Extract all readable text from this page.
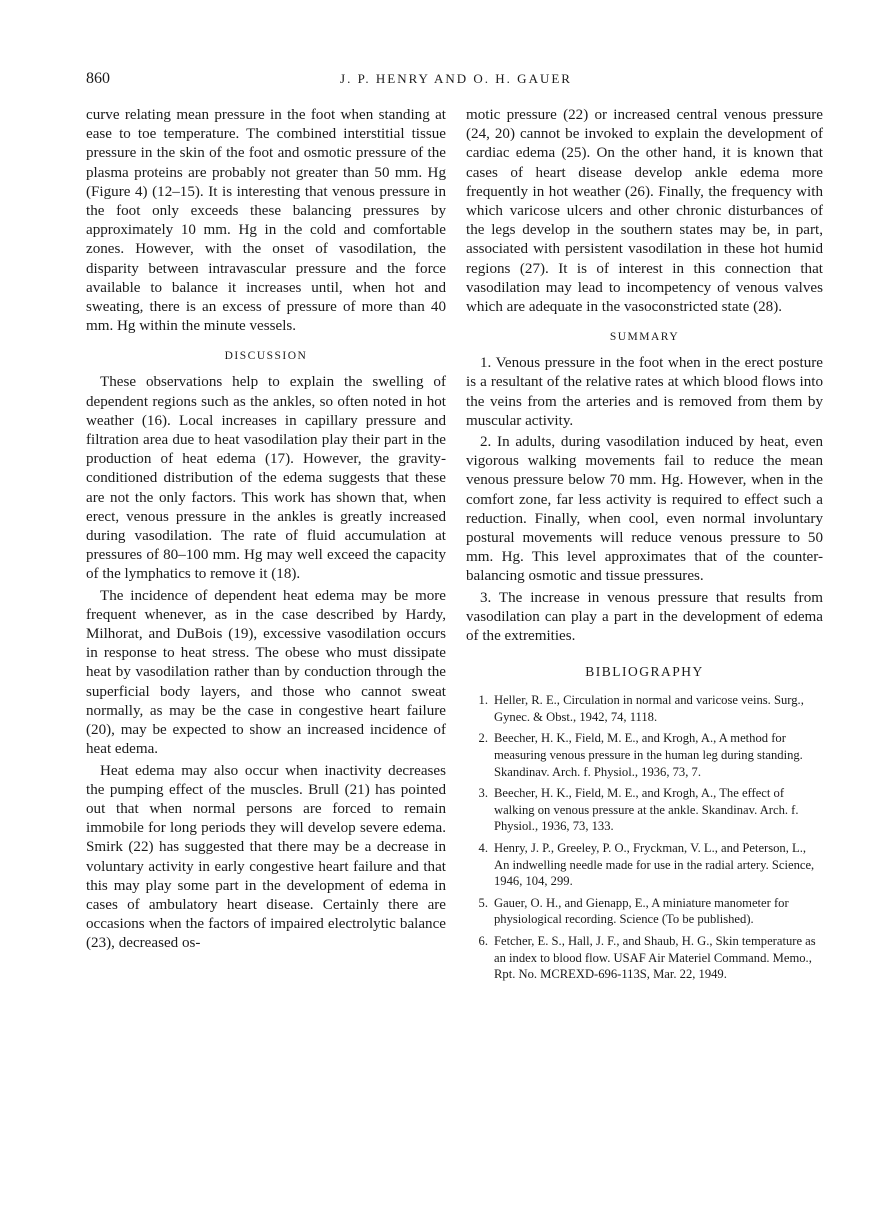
860	J. P. HENRY AND O. H. GAUER

curve relating mean pressure in the foot when standing at ease to toe temperature. The combined interstitial tissue pressure in the skin of the foot and osmotic pressure of the plasma proteins are probably not greater than 50 mm. Hg (Figure 4) (12–15). It is interesting that venous pressure in the foot only exceeds these balancing pressures by approximately 10 mm. Hg in the cold and comfortable zones. However, with the onset of vasodilation, the disparity between intravascular pressure and the force available to balance it increases until, when hot and sweating, there is an excess of pressure of more than 40 mm. Hg within the minute vessels.

DISCUSSION

These observations help to explain the swelling of dependent regions such as the ankles, so often noted in hot weather (16). Local increases in capillary pressure and filtration area due to heat vasodilation play their part in the production of heat edema (17). However, the gravity-conditioned distribution of the edema suggests that these are not the only factors. This work has shown that, when erect, venous pressure in the ankles is greatly increased during vasodilation. The rate of fluid accumulation at pressures of 80–100 mm. Hg may well exceed the capacity of the lymphatics to remove it (18).

The incidence of dependent heat edema may be more frequent whenever, as in the case described by Hardy, Milhorat, and DuBois (19), excessive vasodilation occurs in response to heat stress. The obese who must dissipate heat by vasodilation rather than by conduction through the superficial body layers, and those who cannot sweat normally, as may be the case in congestive heart failure (20), may be expected to show an increased incidence of heat edema.

Heat edema may also occur when inactivity decreases the pumping effect of the muscles. Brull (21) has pointed out that when normal persons are forced to remain immobile for long periods they will develop severe edema. Smirk (22) has suggested that there may be a decrease in voluntary activity in early congestive heart failure and that this may play some part in the development of edema in cases of ambulatory heart disease. Certainly there are occasions when the factors of impaired electrolytic balance (23), decreased os-

motic pressure (22) or increased central venous pressure (24, 20) cannot be invoked to explain the development of cardiac edema (25). On the other hand, it is known that cases of heart disease develop ankle edema more frequently in hot weather (26). Finally, the frequency with which varicose ulcers and other chronic disturbances of the legs develop in the southern states may be, in part, associated with persistent vasodilation in these hot humid regions (27). It is of interest in this connection that vasodilation may lead to incompetency of venous valves which are adequate in the vasoconstricted state (28).

SUMMARY

1. Venous pressure in the foot when in the erect posture is a resultant of the relative rates at which blood flows into the veins from the arteries and is removed from them by muscular activity.

2. In adults, during vasodilation induced by heat, even vigorous walking movements fail to reduce the mean venous pressure below 70 mm. Hg. However, when in the comfort zone, far less activity is required to effect such a reduction. Finally, when cool, even normal involuntary postural movements will reduce venous pressure to 50 mm. Hg. This level approximates that of the counter-balancing osmotic and tissue pressures.

3. The increase in venous pressure that results from vasodilation can play a part in the development of edema of the extremities.

BIBLIOGRAPHY
1. Heller, R. E., Circulation in normal and varicose veins. Surg., Gynec. & Obst., 1942, 74, 1118.
2. Beecher, H. K., Field, M. E., and Krogh, A., A method for measuring venous pressure in the human leg during standing. Skandinav. Arch. f. Physiol., 1936, 73, 7.
3. Beecher, H. K., Field, M. E., and Krogh, A., The effect of walking on venous pressure at the ankle. Skandinav. Arch. f. Physiol., 1936, 73, 133.
4. Henry, J. P., Greeley, P. O., Fryckman, V. L., and Peterson, L., An indwelling needle made for use in the radial artery. Science, 1946, 104, 299.
5. Gauer, O. H., and Gienapp, E., A miniature manometer for physiological recording. Science (To be published).
6. Fetcher, E. S., Hall, J. F., and Shaub, H. G., Skin temperature as an index to blood flow. USAF Air Materiel Command. Memo., Rpt. No. MCREXD-696-113S, Mar. 22, 1949.
